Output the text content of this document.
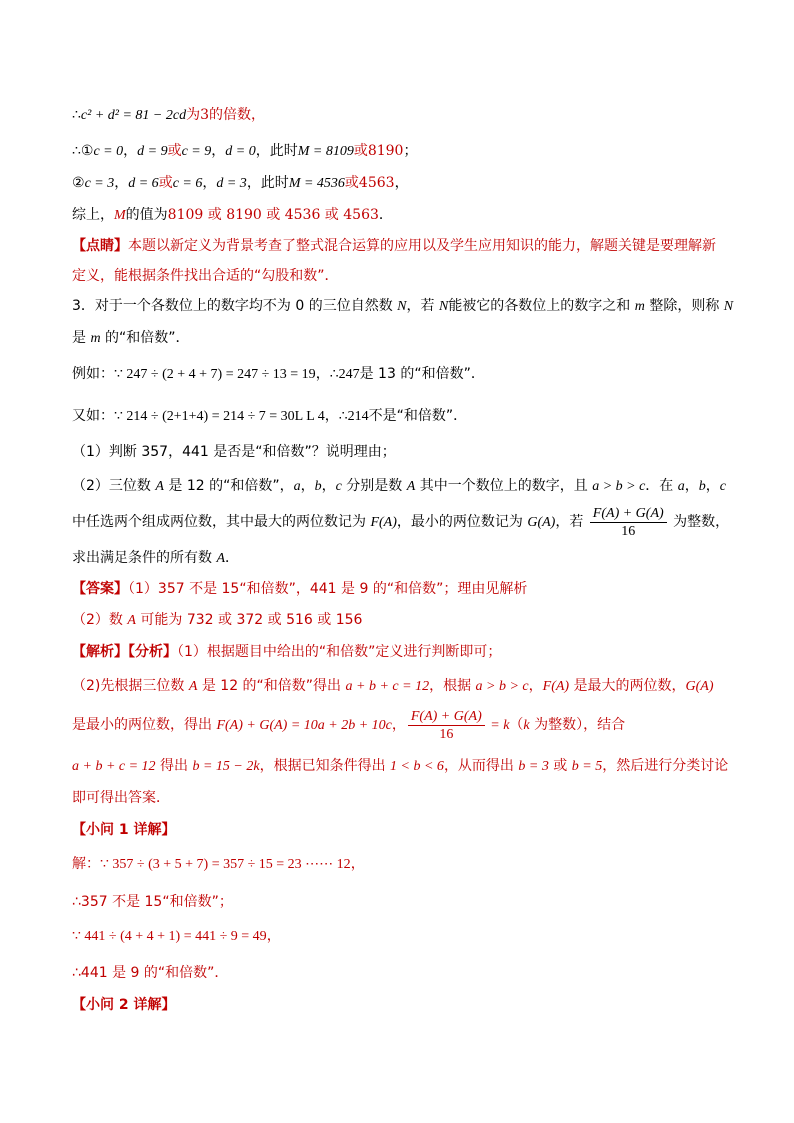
∴c² + d² = 81 − 2cd为3的倍数，
∴①c = 0，d = 9或c = 9，d = 0，此时M = 8109或8190；
②c = 3，d = 6或c = 6，d = 3，此时M = 4536或4563，
综上，M的值为8109 或 8190 或 4536 或 4563．
【点睛】本题以新定义为背景考查了整式混合运算的应用以及学生应用知识的能力，解题关键是要理解新
定义，能根据条件找出合适的“勾股和数”．
3．对于一个各数位上的数字均不为 0 的三位自然数 N，若 N能被它的各数位上的数字之和 m 整除，则称 N
是 m 的“和倍数”．
例如：∵ 247 ÷ (2 + 4 + 7) = 247 ÷ 13 = 19，∴247是 13 的“和倍数”．
又如：∵ 214 ÷ (2+1+4) = 214 ÷ 7 = 30L L 4，∴214不是“和倍数”．
（1）判断 357，441 是否是“和倍数”？说明理由；
（2）三位数 A 是 12 的“和倍数”，a，b，c 分别是数 A 其中一个数位上的数字，且 a > b > c．在 a，b，c
中任选两个组成两位数，其中最大的两位数记为 F(A)，最小的两位数记为 G(A)，若 $\frac{F(A) + G(A)}{16}$ 为整数，
求出满足条件的所有数 A．
【答案】（1）357 不是 15“和倍数”，441 是 9 的“和倍数”；理由见解析
（2）数 A 可能为 732 或 372 或 516 或 156
【解析】【分析】（1）根据题目中给出的“和倍数”定义进行判断即可；
（2)先根据三位数 A 是 12 的“和倍数”得出 a + b + c = 12，根据 a > b > c，F(A) 是最大的两位数，G(A)
是最小的两位数，得出 F(A) + G(A) = 10a + 2b + 10c， $\frac{F(A) + G(A)}{16} = k(k$ 为整数），结合
a + b + c = 12 得出 b = 15 − 2k，根据已知条件得出 1 < b < 6，从而得出 b = 3 或 b = 5，然后进行分类讨论
即可得出答案．
【小问 1 详解】
解：∵ 357 ÷ (3 + 5 + 7) = 357 ÷ 15 = 23 ⋯⋯ 12，
∴357 不是 15“和倍数”；
∵ 441 ÷ (4 + 4 + 1) = 441 ÷ 9 = 49，
∴441 是 9 的“和倍数”．
【小问 2 详解】
